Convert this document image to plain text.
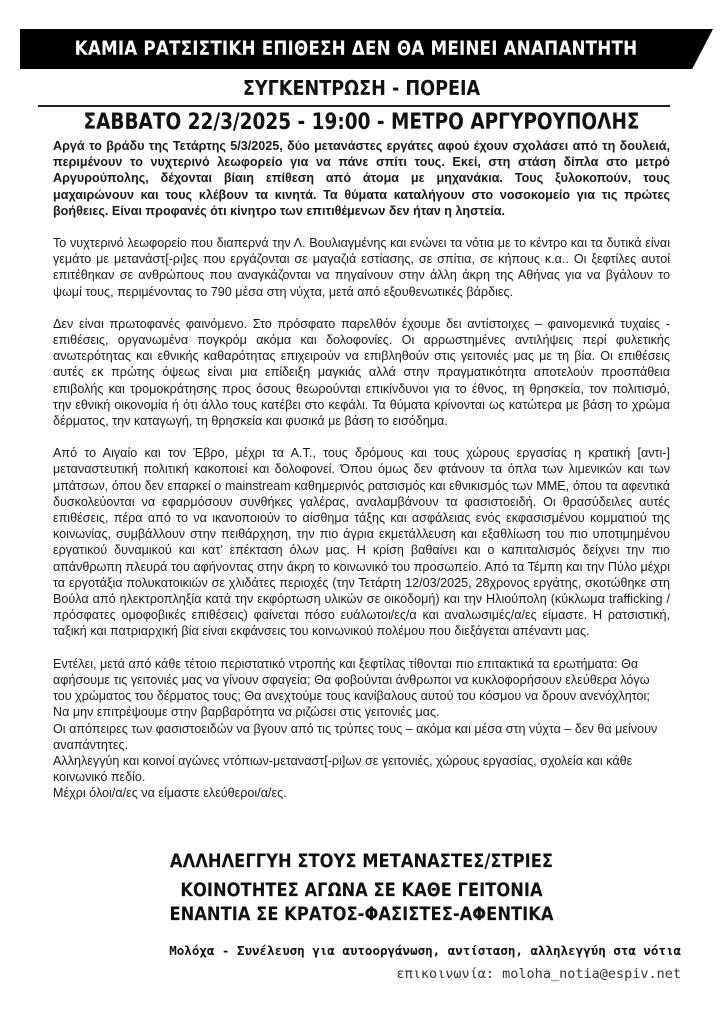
ΚΑΜΙΑ ΡΑΤΣΙΣΤΙΚΗ ΕΠΙΘΕΣΗ ΔΕΝ ΘΑ ΜΕΙΝΕΙ ΑΝΑΠΑΝΤΗΤΗ
ΣΥΓΚΕΝΤΡΩΣΗ - ΠΟΡΕΙΑ
ΣΑΒΒΑΤΟ 22/3/2025 - 19:00 - ΜΕΤΡΟ ΑΡΓΥΡΟΥΠΟΛΗΣ

Αργά το βράδυ της Τετάρτης 5/3/2025, δύο μετανάστες εργάτες αφού έχουν σχολάσει από τη δουλειά, περιμένουν το νυχτερινό λεωφορείο για να πάνε σπίτι τους. Εκεί, στη στάση δίπλα στο μετρό Αργυρούπολης, δέχονται βίαιη επίθεση από άτομα με μηχανάκια. Τους ξυλοκοπούν, τους μαχαιρώνουν και τους κλέβουν τα κινητά. Τα θύματα καταλήγουν στο νοσοκομείο για τις πρώτες βοήθειες. Είναι προφανές ότι κίνητρο των επιτιθέμενων δεν ήταν η ληστεία.

Το νυχτερινό λεωφορείο που διαπερνά την Λ. Βουλιαγμένης και ενώνει τα νότια με το κέντρο και τα δυτικά είναι γεμάτο με μετανάστ[-ρι]ες που εργάζονται σε μαγαζιά εστίασης, σε σπίτια, σε κήπους κ.α.. Οι ξεφτίλες αυτοί επιτέθηκαν σε ανθρώπους που αναγκάζονται να πηγαίνουν στην άλλη άκρη της Αθήνας για να βγάλουν το ψωμί τους, περιμένοντας το 790 μέσα στη νύχτα, μετά από εξουθενωτικές βάρδιες.

Δεν είναι πρωτοφανές φαινόμενο. Στο πρόσφατο παρελθόν έχουμε δει αντίστοιχες – φαινομενικά τυχαίες - επιθέσεις, οργανωμένα πογκρόμ ακόμα και δολοφονίες. Οι αρρωστημένες αντιλήψεις περί φυλετικής ανωτερότητας και εθνικής καθαρότητας επιχειρούν να επιβληθούν στις γειτονιές μας με τη βία. Οι επιθέσεις αυτές εκ πρώτης όψεως είναι μια επίδειξη μαγκιάς αλλά στην πραγματικότητα αποτελούν προσπάθεια επιβολής και τρομοκράτησης προς όσους θεωρούνται επικίνδυνοι για το έθνος, τη θρησκεία, τον πολιτισμό, την εθνική οικονομία ή ότι άλλο τους κατέβει στο κεφάλι. Τα θύματα κρίνονται ως κατώτερα με βάση το χρώμα δέρματος, την καταγωγή, τη θρησκεία και φυσικά με βάση το εισόδημα.

Από το Αιγαίο και τον Έβρο, μέχρι τα Α.Τ., τους δρόμους και τους χώρους εργασίας η κρατική [αντι-] μεταναστευτική πολιτική κακοποιεί και δολοφονεί. Όπου όμως δεν φτάνουν τα όπλα των λιμενικών και των μπάτσων, όπου δεν επαρκεί ο mainstream καθημερινός ρατσισμός και εθνικισμός των ΜΜΕ, όπου τα αφεντικά δυσκολεύονται να εφαρμόσουν συνθήκες γαλέρας, αναλαμβάνουν τα φασιστοειδή. Οι θρασύδειλες αυτές επιθέσεις, πέρα από το να ικανοποιούν το αίσθημα τάξης και ασφάλειας ενός εκφασισμένου κομματιού της κοινωνίας, συμβάλλουν στην πειθάρχηση, την πιο άγρια εκμετάλλευση και εξαθλίωση του πιο υποτιμημένου εργατικού δυναμικού και κατ’ επέκταση όλων μας. Η κρίση βαθαίνει και ο καπιταλισμός δείχνει την πιο απάνθρωπη πλευρά του αφήνοντας στην άκρη το κοινωνικό του προσωπείο. Από τα Τέμπη και την Πύλο μέχρι τα εργοτάξια πολυκατοικιών σε χλιδάτες περιοχές (την Τετάρτη 12/03/2025, 28χρονος εργάτης, σκοτώθηκε στη Βούλα από ηλεκτροπληξία κατά την εκφόρτωση υλικών σε οικοδομή) και την Ηλιούπολη (κύκλωμα trafficking / πρόσφατες ομοφοβικές επιθέσεις) φαίνεται πόσο ευάλωτοι/ες/α και αναλωσιμές/α/ες είμαστε. Η ρατσιστική, ταξική και πατριαρχική βία είναι εκφάνσεις του κοινωνικού πολέμου που διεξάγεται απέναντι μας.

Εντέλει, μετά από κάθε τέτοιο περιστατικό ντροπής και ξεφτίλας τίθονται πιο επιτακτικά τα ερωτήματα: Θα αφήσουμε τις γειτονιές μας να γίνουν σφαγεία; Θα φοβούνται άνθρωποι να κυκλοφορήσουν ελεύθερα λόγω του χρώματος του δέρματος τους; Θα ανεχτούμε τους κανίβαλους αυτού του κόσμου να δρουν ανενόχλητοι;
Να μην επιτρέψουμε στην βαρβαρότητα να ριζώσει στις γειτονιές μας.
Οι απόπειρες των φασιστοειδών να βγουν από τις τρύπες τους – ακόμα και μέσα στη νύχτα – δεν θα μείνουν αναπάντητες.
Αλληλεγγύη και κοινοί αγώνες ντόπιων-μεταναστ[-ρι]ων σε γειτονιές, χώρους εργασίας, σχολεία και κάθε κοινωνικό πεδίο.
Μέχρι όλοι/α/ες να είμαστε ελεύθεροι/α/ες.
ΑΛΛΗΛΕΓΓΥΗ ΣΤΟΥΣ ΜΕΤΑΝΑΣΤΕΣ/ΣΤΡΙΕΣ
ΚΟΙΝΟΤΗΤΕΣ ΑΓΩΝΑ ΣΕ ΚΑΘΕ ΓΕΙΤΟΝΙΑ
ΕΝΑΝΤΙΑ ΣΕ ΚΡΑΤΟΣ-ΦΑΣΙΣΤΕΣ-ΑΦΕΝΤΙΚΑ
Μολόχα - Συνέλευση για αυτοοργάνωση, αντίσταση, αλληλεγγύη στα νότια
επικοινωνία: moloha_notia@espiv.net
